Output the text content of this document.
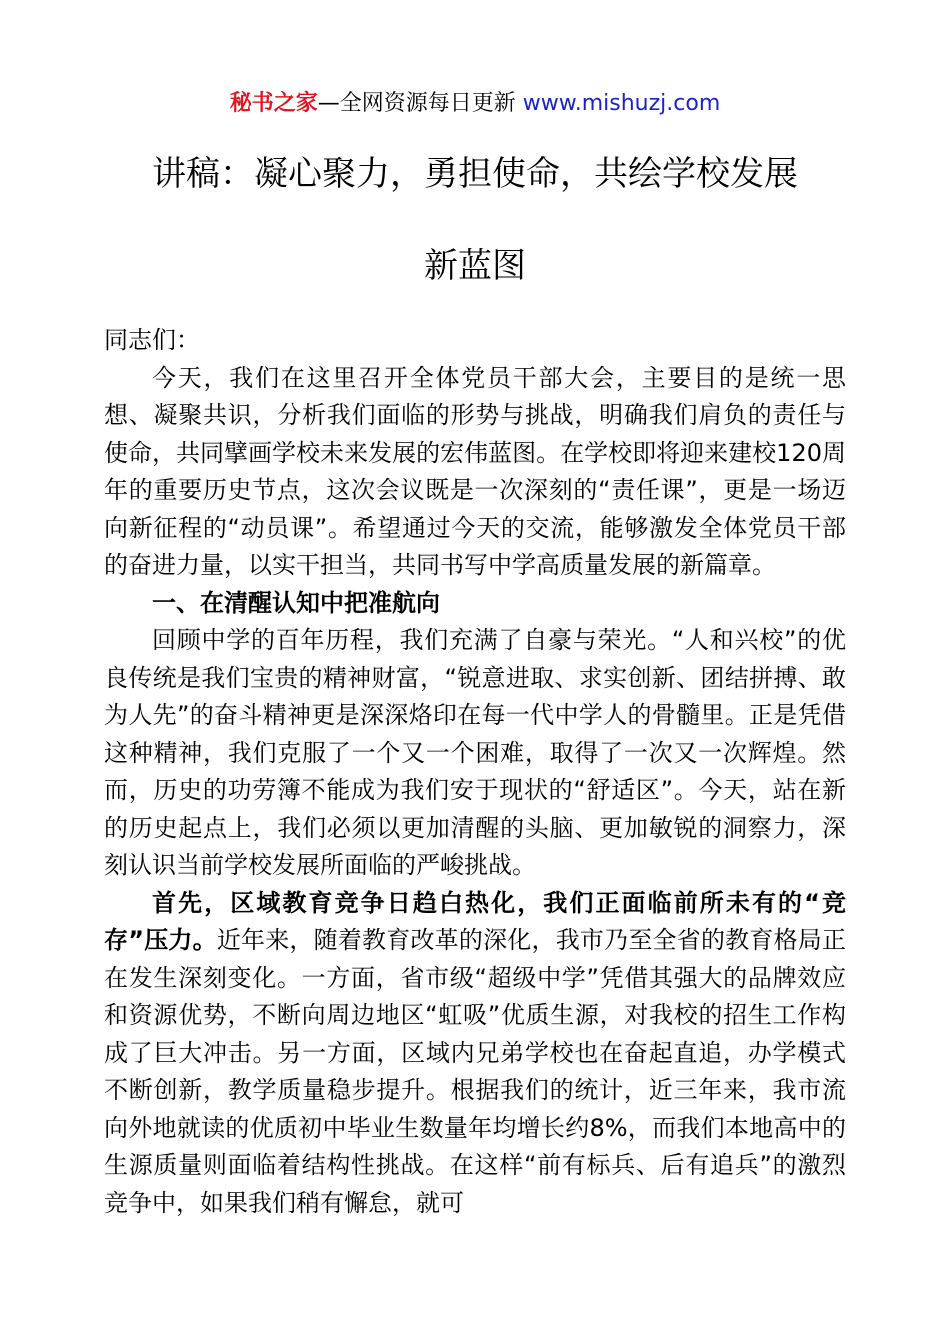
秘书之家—全网资源每日更新 www.mishuzj.com
讲稿：凝心聚力，勇担使命，共绘学校发展
新蓝图

同志们：

今天，我们在这里召开全体党员干部大会，主要目的是统一思想、凝聚共识，分析我们面临的形势与挑战，明确我们肩负的责任与使命，共同擘画学校未来发展的宏伟蓝图。在学校即将迎来建校120周年的重要历史节点，这次会议既是一次深刻的“责任课”，更是一场迈向新征程的“动员课”。希望通过今天的交流，能够激发全体党员干部的奋进力量，以实干担当，共同书写中学高质量发展的新篇章。

一、在清醒认知中把准航向

回顾中学的百年历程，我们充满了自豪与荣光。“人和兴校”的优良传统是我们宝贵的精神财富，“锐意进取、求实创新、团结拼搏、敢为人先”的奋斗精神更是深深烙印在每一代中学人的骨髓里。正是凭借这种精神，我们克服了一个又一个困难，取得了一次又一次辉煌。然而，历史的功劳簿不能成为我们安于现状的“舒适区”。今天，站在新的历史起点上，我们必须以更加清醒的头脑、更加敏锐的洞察力，深刻认识当前学校发展所面临的严峻挑战。

首先，区域教育竞争日趋白热化，我们正面临前所未有的“竞存”压力。近年来，随着教育改革的深化，我市乃至全省的教育格局正在发生深刻变化。一方面，省市级“超级中学”凭借其强大的品牌效应和资源优势，不断向周边地区“虹吸”优质生源，对我校的招生工作构成了巨大冲击。另一方面，区域内兄弟学校也在奋起直追，办学模式不断创新，教学质量稳步提升。根据我们的统计，近三年来，我市流向外地就读的优质初中毕业生数量年均增长约8%，而我们本地高中的生源质量则面临着结构性挑战。在这样“前有标兵、后有追兵”的激烈竞争中，如果我们稍有懈怠，就可
